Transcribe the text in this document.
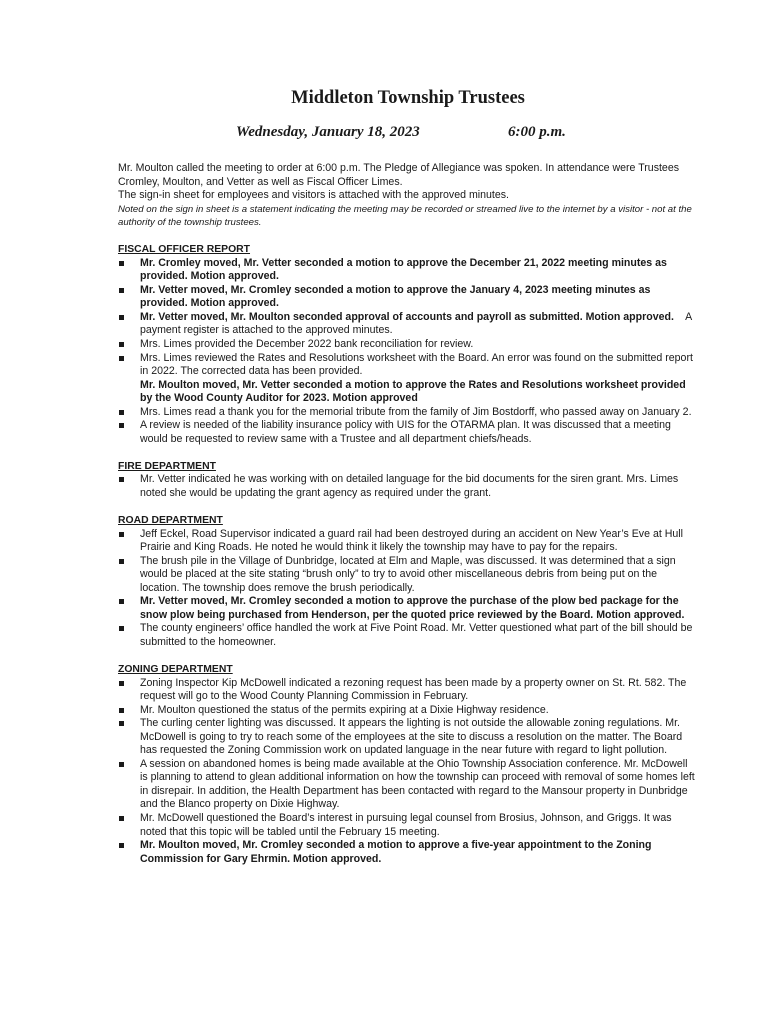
Middleton Township Trustees
Wednesday, January 18, 2023	6:00 p.m.

Mr. Moulton called the meeting to order at 6:00 p.m. The Pledge of Allegiance was spoken. In attendance were Trustees Cromley, Moulton, and Vetter as well as Fiscal Officer Limes.

The sign-in sheet for employees and visitors is attached with the approved minutes.

Noted on the sign in sheet is a statement indicating the meeting may be recorded or streamed live to the internet by a visitor - not at the authority of the township trustees.

FISCAL OFFICER REPORT
Mr. Cromley moved, Mr. Vetter seconded a motion to approve the December 21, 2022 meeting minutes as provided. Motion approved.
Mr. Vetter moved, Mr. Cromley seconded a motion to approve the January 4, 2023 meeting minutes as provided. Motion approved.
Mr. Vetter moved, Mr. Moulton seconded approval of accounts and payroll as submitted. Motion approved.    A payment register is attached to the approved minutes.
Mrs. Limes provided the December 2022 bank reconciliation for review.
Mrs. Limes reviewed the Rates and Resolutions worksheet with the Board. An error was found on the submitted report in 2022. The corrected data has been provided.
Mr. Moulton moved, Mr. Vetter seconded a motion to approve the Rates and Resolutions worksheet provided by the Wood County Auditor for 2023. Motion approved
Mrs. Limes read a thank you for the memorial tribute from the family of Jim Bostdorff, who passed away on January 2.
A review is needed of the liability insurance policy with UIS for the OTARMA plan. It was discussed that a meeting would be requested to review same with a Trustee and all department chiefs/heads.
FIRE DEPARTMENT
Mr. Vetter indicated he was working with on detailed language for the bid documents for the siren grant. Mrs. Limes noted she would be updating the grant agency as required under the grant.
ROAD DEPARTMENT
Jeff Eckel, Road Supervisor indicated a guard rail had been destroyed during an accident on New Year’s Eve at Hull Prairie and King Roads. He noted he would think it likely the township may have to pay for the repairs.
The brush pile in the Village of Dunbridge, located at Elm and Maple, was discussed. It was determined that a sign would be placed at the site stating “brush only” to try to avoid other miscellaneous debris from being put on the location. The township does remove the brush periodically.
Mr. Vetter moved, Mr. Cromley seconded a motion to approve the purchase of the plow bed package for the snow plow being purchased from Henderson, per the quoted price reviewed by the Board. Motion approved.
The county engineers’ office handled the work at Five Point Road. Mr. Vetter questioned what part of the bill should be submitted to the homeowner.
ZONING DEPARTMENT
Zoning Inspector Kip McDowell indicated a rezoning request has been made by a property owner on St. Rt. 582. The request will go to the Wood County Planning Commission in February.
Mr. Moulton questioned the status of the permits expiring at a Dixie Highway residence.
The curling center lighting was discussed. It appears the lighting is not outside the allowable zoning regulations. Mr. McDowell is going to try to reach some of the employees at the site to discuss a resolution on the matter. The Board has requested the Zoning Commission work on updated language in the near future with regard to light pollution.
A session on abandoned homes is being made available at the Ohio Township Association conference. Mr. McDowell is planning to attend to glean additional information on how the township can proceed with removal of some homes left in disrepair. In addition, the Health Department has been contacted with regard to the Mansour property in Dunbridge and the Blanco property on Dixie Highway.
Mr. McDowell questioned the Board’s interest in pursuing legal counsel from Brosius, Johnson, and Griggs. It was noted that this topic will be tabled until the February 15 meeting.
Mr. Moulton moved, Mr. Cromley seconded a motion to approve a five-year appointment to the Zoning Commission for Gary Ehrmin. Motion approved.
